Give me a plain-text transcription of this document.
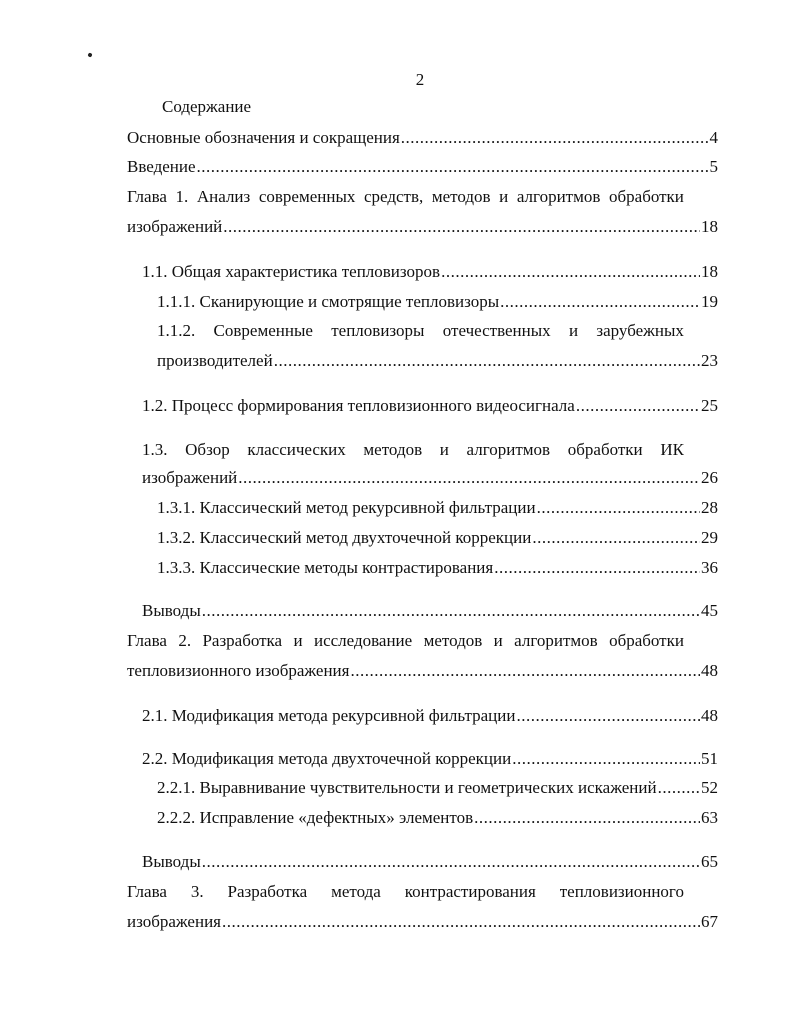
2
Содержание
Основные обозначения и сокращения .....	4
Введение .....	5
Глава 1. Анализ современных средств, методов и алгоритмов обработки
изображений .....	18
1.1. Общая характеристика тепловизоров .....	18
1.1.1. Сканирующие и смотрящие тепловизоры .....	19
1.1.2. Современные тепловизоры отечественных и зарубежных
производителей .....	23
1.2. Процесс формирования тепловизионного видеосигнала .....	25
1.3. Обзор классических методов и алгоритмов обработки ИК
изображений .....	26
1.3.1. Классический метод рекурсивной фильтрации .....	28
1.3.2. Классический метод двухточечной коррекции .....	29
1.3.3. Классические методы контрастирования .....	36
Выводы .....	45
Глава 2. Разработка и исследование методов и алгоритмов обработки
тепловизионного изображения .....	48
2.1. Модификация метода рекурсивной фильтрации .....	48
2.2. Модификация метода двухточечной коррекции .....	51
2.2.1. Выравнивание чувствительности и геометрических искажений .....	52
2.2.2. Исправление «дефектных» элементов .....	63
Выводы .....	65
Глава 3. Разработка метода контрастирования тепловизионного
изображения .....	67
